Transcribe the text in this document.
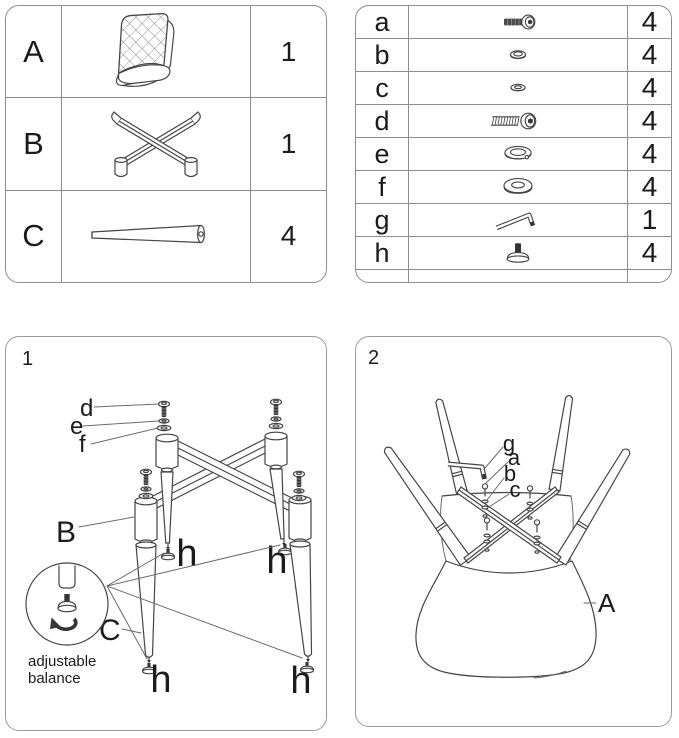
A	1
B	1
C	4
a	4
b	4
c	4
d	4
e	4
f	4
g	1
h	4
1
d
e
f
B
C
h h
h	h
adjustable
balance
2
g
a
b
c
A
